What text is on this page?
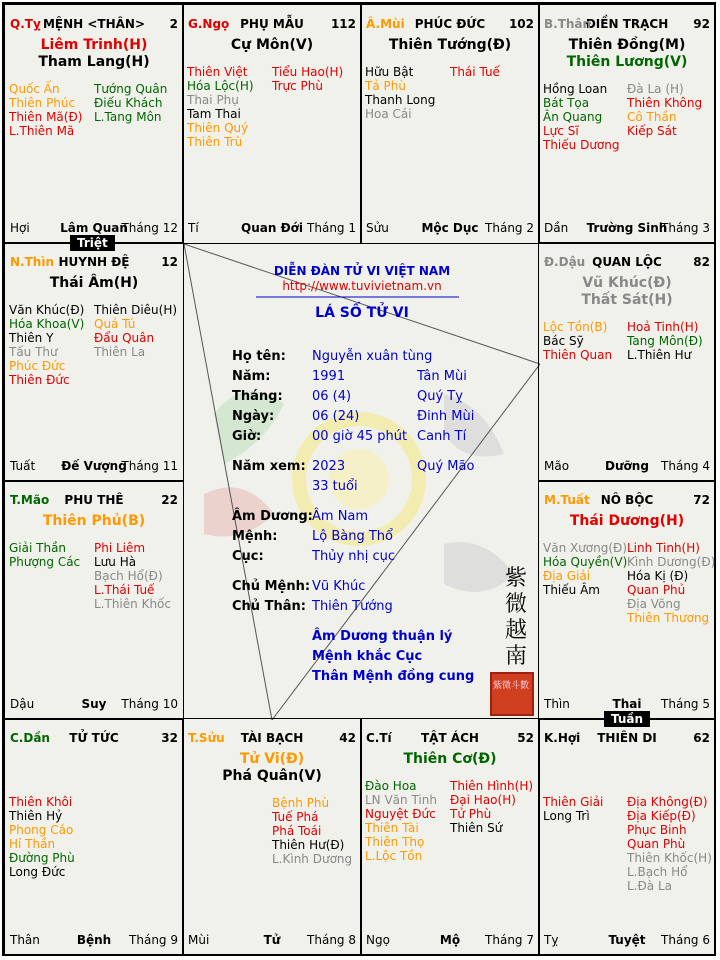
DIỄN ĐÀN TỬ VI VIỆT NAM
http://www.tuvivietnam.vn
LÁ SỐ TỬ VI
Họ tên: Nguyễn xuân tùng
Năm:	1991	Tân Mùi
Tháng: 06 (4)	Quý Tỵ
Ngày:	06 (24)	Đinh Mùi
Giờ:	00 giờ 45 phút Canh Tí
Năm xem: 2023	Quý Mão
33 tuổi
Âm Dương: Âm Nam
Mệnh:	Lộ Bàng Thổ
Cục:	Thủy nhị cục
Chủ Mệnh: Vũ Khúc
Chủ Thân: Thiên Tướng
Âm Dương thuận lý
Mệnh khắc Cục
Thân Mệnh đồng cung
紫
微
越
南
紫微斗數
MỆNH <THÂN>
Q.Tỵ	2
Liêm Trinh(H)
Tham Lang(H)
Quốc Ấn
Thiên Phúc
Thiên Mã(Đ)
L.Thiên Mã
Tướng Quân
Điếu Khách
L.Tang Môn
Lâm Quan
Hợi	Tháng 12
PHỤ MẪU
G.Ngọ	112
Cự Môn(V)
Thiên Việt
Hóa Lộc(H)
Thai Phụ
Tam Thai
Thiên Quý
Thiên Trù
Tiểu Hao(H)
Trực Phù
Quan Đới
Tí	Tháng 1
PHÚC ĐỨC
Â.Mùi	102
Thiên Tướng(Đ)
Hữu Bật
Tả Phù
Thanh Long
Hoa Cái
Thái Tuế
Mộc Dục
Sửu	Tháng 2
ĐIỀN TRẠCH
B.Thân	92
Thiên Đồng(M)
Thiên Lương(V)
Hồng Loan
Bát Tọa
Ân Quang
Lực Sĩ
Thiếu Dương
Đà La (H)
Thiên Không
Cô Thần
Kiếp Sát
Trường Sinh
Dần	Tháng 3
HUYNH ĐỆ
N.Thìn	12
Thái Âm(H)
Văn Khúc(Đ)
Hóa Khoa(V)
Thiên Y
Tấu Thư
Phúc Đức
Thiên Đức
Thiên Diêu(H)
Quả Tú
Đẩu Quân
Thiên La
Đế Vượng
Tuất	Tháng 11
QUAN LỘC
Đ.Dậu	82
Vũ Khúc(Đ)
Thất Sát(H)
Lộc Tồn(B)
Bác Sỹ
Thiên Quan
Hoả Tinh(H)
Tang Môn(Đ)
L.Thiên Hư
Dưỡng
Mão	Tháng 4
PHU THÊ
T.Mão	22
Thiên Phủ(B)
Giải Thần
Phượng Các
Phi Liêm
Lưu Hà
Bạch Hổ(Đ)
L.Thái Tuế
L.Thiên Khốc
Suy
Dậu	Tháng 10
NÔ BỘC
M.Tuất	72
Thái Dương(H)
Văn Xương(Đ)
Hóa Quyền(V)
Địa Giải
Thiếu Âm
Linh Tinh(H)
Kình Dương(Đ)
Hóa Kị (Đ)
Quan Phủ
Địa Võng
Thiên Thương
Thai
Thìn	Tháng 5
TỬ TỨC
C.Dần	32
Thiên Khôi
Thiên Hỷ
Phong Cáo
Hỉ Thần
Đường Phù
Long Đức
Bệnh
Thân	Tháng 9
TÀI BẠCH
T.Sửu	42
Tử Vi(Đ)
Phá Quân(V)
Bệnh Phù
Tuế Phá
Phá Toái
Thiên Hư(Đ)
L.Kình Dương
Tử
Mùi	Tháng 8
TẬT ÁCH
C.Tí	52
Thiên Cơ(Đ)
Đào Hoa
LN Văn Tinh
Nguyệt Đức
Thiên Tài
Thiên Thọ
L.Lộc Tồn
Thiên Hình(H)
Đại Hao(H)
Tử Phù
Thiên Sứ
Mộ
Ngọ	Tháng 7
THIÊN DI
K.Hợi	62
Thiên Giải
Long Trì
Địa Không(Đ)
Địa Kiếp(Đ)
Phục Binh
Quan Phù
Thiên Khốc(H)
L.Bạch Hổ
L.Đà La
Tuyệt
Tỵ	Tháng 6
Triệt
Tuần
